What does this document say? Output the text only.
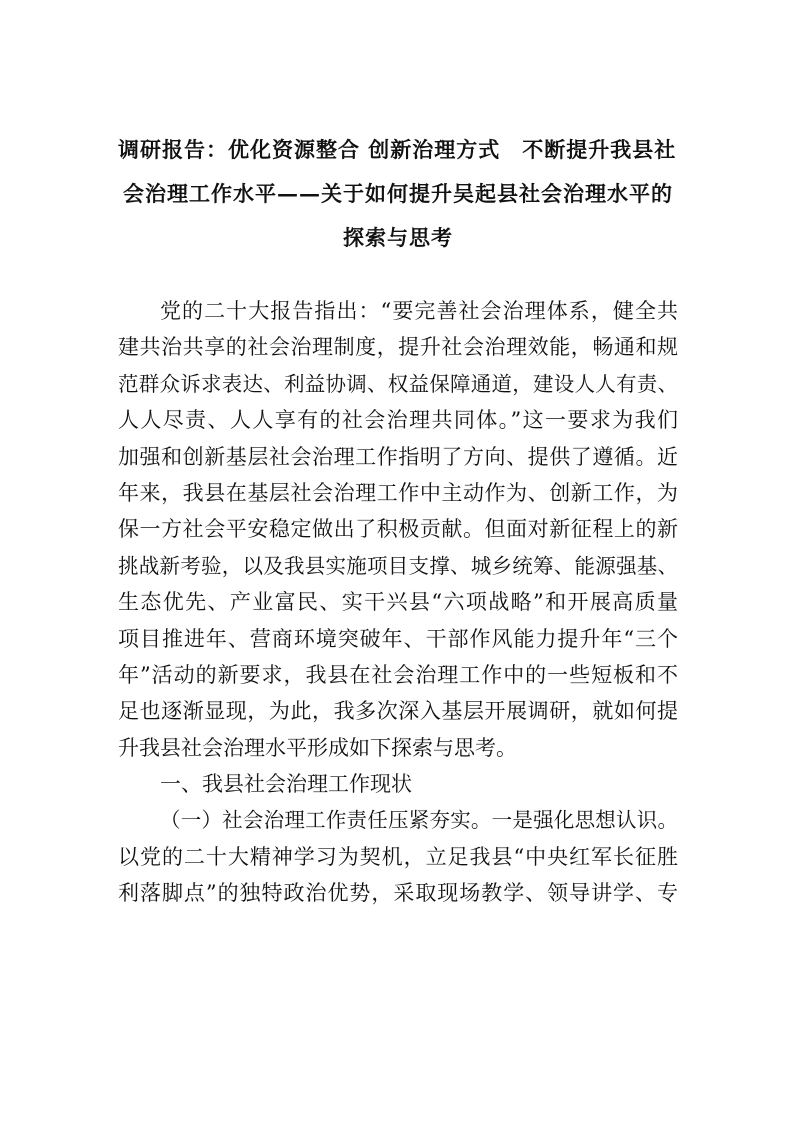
调研报告：优化资源整合 创新治理方式　不断提升我县社
会治理工作水平——关于如何提升吴起县社会治理水平的
探索与思考
党的二十大报告指出：“要完善社会治理体系，健全共
建共治共享的社会治理制度，提升社会治理效能，畅通和规
范群众诉求表达、利益协调、权益保障通道，建设人人有责、
人人尽责、人人享有的社会治理共同体。”这一要求为我们
加强和创新基层社会治理工作指明了方向、提供了遵循。近
年来，我县在基层社会治理工作中主动作为、创新工作，为
保一方社会平安稳定做出了积极贡献。但面对新征程上的新
挑战新考验，以及我县实施项目支撑、城乡统筹、能源强基、
生态优先、产业富民、实干兴县“六项战略”和开展高质量
项目推进年、营商环境突破年、干部作风能力提升年“三个
年”活动的新要求，我县在社会治理工作中的一些短板和不
足也逐渐显现，为此，我多次深入基层开展调研，就如何提
升我县社会治理水平形成如下探索与思考。
一、我县社会治理工作现状
（一）社会治理工作责任压紧夯实。一是强化思想认识。
以党的二十大精神学习为契机，立足我县“中央红军长征胜
利落脚点”的独特政治优势，采取现场教学、领导讲学、专
